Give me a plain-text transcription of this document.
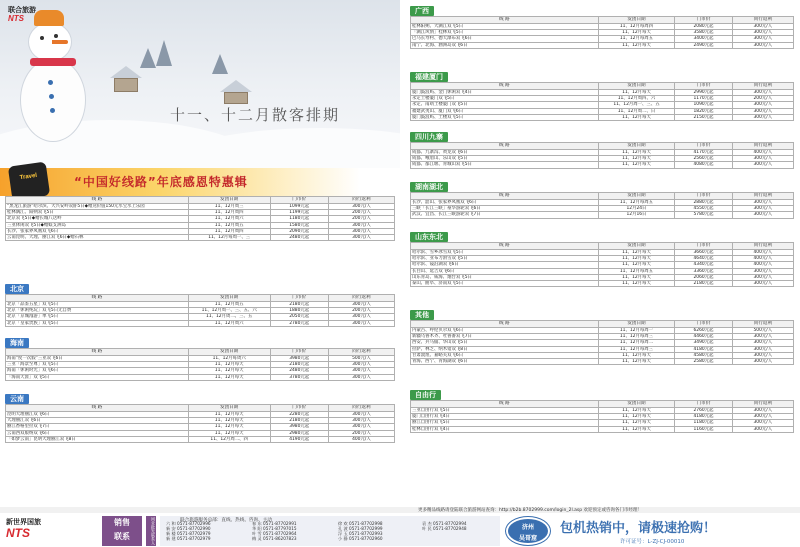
联合旅游
NTS
十一、十二月散客排期
Travel	“中国好线路”年底感恩特惠辑
线 路	发团日期	门市价	同行返利
“黑龙江旅游”哈尔滨、大兴安岭双卧5日◆赠送价值150元水宝水上乐园	11、12月周三	1099元起	300元/人
桂林漓江、阳朔双飞5日	11、12月周四	1199元起	200元/人
北京双飞5日◆赠长城八达岭	11、12月周六	1180元起	200元/人
三亚休闲双飞5日◆赠蜈支洲岛	11、12月周五	1580元起	300元/人
长沙、张家界凤凰双飞6日	11、12月周四	2090元起	300元/人
云南昆明、大理、丽江双飞6日◆赠石林	11、12月每周一、三	2480元起	300元/人
北京
线 路	发团日期	门市价	同行返利
北京「品鉴五星」双飞5日	11、12月周五	2180元起	300元/人
北京「休闲纯玩」双飞5日无自费	11、12月周一、三、五、六	1880元起	200元/人
北京「京城漫游」单飞5日	11、12月周二、三、五	2050元起	300元/人
北京「皇家贵族」双飞5日	11、12月周六	2780元起	300元/人
海南
线 路	发团日期	门市价	同行返利
海南“度一次假”三亚双飞6日	11、12月每周六	3980元起	500元/人
三亚「海景至尊」双飞5日	11、12月每天	2180元起	300元/人
海南「休闲时光」双飞6日	11、12月每天	2480元起	300元/人
「海南天涯」双飞5日	11、12月每天	3780元起	300元/人
云南
线 路	发团日期	门市价	同行返利
昆明大理丽江双飞6日	11、12月每天	2280元起	300元/人
大理丽江双飞6日	11、12月每天	2180元起	300元/人
丽江香格里拉双飞7日	11、12月每天	3980元起	300元/人
云南西双版纳双飞6日	11、12月每天	2980元起	200元/人
「如梦云南」昆明大理丽江双飞8日	11、12月周二、四	4190元起	400元/人
广西
线 路	发团日期	门市价	同行返利
桂林阳朔、大漓江双飞5日	11、12月每周四	2080元起	300元/人
「漓江风情」桂林双飞5日	11、12月每天	3580元起	300元/人
巴马长寿村、德天瀑布双飞6日	11、12月每周五	3400元起	300元/人
南宁、北海、涠洲岛双飞6日	11、12月每天	2490元起	300元/人
福建厦门
线 路	发团日期	门市价	同行返利
厦门鼓浪屿、金门休闲双飞4日	11、12月每天	2990元起	300元/人
永定土楼厦门双飞5日	11、12月周四、六	1170元起	200元/人
永定、南靖土楼厦门双飞5日	11、12月周一、三、五	1090元起	300元/人
福建武夷山、厦门双飞6日	11、12月周二、日	1820元起	300元/人
厦门鼓浪屿、土楼双飞5日	11、12月每天	2150元起	300元/人
四川九寨
线 路	发团日期	门市价	同行返利
成都、九寨沟、黄龙双飞6日	11、12月每天	4170元起	400元/人
成都、峨眉山、乐山双飞5日	11、12月每天	2560元起	300元/人
成都、都江堰、青城山双飞5日	11、12月每天	4080元起	300元/人
湖南湖北
线 路	发团日期	门市价	同行返利
长沙、韶山、张家界凤凰双飞6日	11、12月每周五	2880元起	300元/人
三峡「长江三峡」豪华游轮双飞6日	12月24日	4550元起	300元/人
武汉、宜昌、长江三峡游轮双飞7日	12月16日	5780元起	300元/人
山东东北
线 路	发团日期	门市价	同行返利
哈尔滨、雪乡冰雪双飞5日	11、12月每天	3660元起	400元/人
哈尔滨、亚布力滑雪双飞5日	11、12月每天	4640元起	400元/人
哈尔滨、镜泊湖双飞6日	11、12月每天	4340元起	400元/人
长白山、延吉双飞6日	11、12月每周五	3360元起	300元/人
山东青岛、威海、烟台双飞5日	11、12月每天	2060元起	300元/人
泰山、曲阜、济南双飞5日	11、12月每天	2180元起	300元/人
其他
线 路	发团日期	门市价	同行返利
内蒙古、呼伦贝尔双飞6日	11、12月每周一	6260元起	500元/人
新疆乌鲁木齐、吐鲁番双飞7日	11、12月每周三	4460元起	300元/人
西安、兵马俑、华山双飞5日	11、12月每周二	3490元起	300元/人
拉萨、林芝、纳木错双飞8日	11、12月每周三	4180元起	300元/人
甘肃敦煌、嘉峪关双飞6日	11、12月每天	4580元起	300元/人
青海、西宁、青海湖双飞6日	11、12月每天	2580元起	300元/人
自由行
线 路	发团日期	门市价	同行返利
三亚自由行双飞5日	11、12月每天	2760元起	300元/人
厦门自由行双飞4日	11、12月每天	4180元起	300元/人
丽江自由行双飞5日	11、12月每天	1180元起	300元/人
桂林自由行双飞4日	11、12月每天	1160元起	300元/人
更多精品线路请登陆联合旅游网站查询：http://b2b.8702999.com/login_2l.asp 欢迎预定或咨询各门市经理！
新世界国旅
NTS
销售
联系	同业批发联系人	联合旅游服务总部：直线、热线、咨询、主动
六 和 0571-87702996
新 安 0571-87702990
新 楼 0571-87702979
新 建 0571-87702979
春 东 0571-87702991
华 阳 0571-87797015
叶 雪 0571-87702964
梅 灵 0571-86207823
徐 欢 0571-87702998
孔 波 0571-87702999
浮 玉 0571-87702993
小 静 0571-87702960
袁 杰 0571-87702994
叶 民 0571-87702948	济州
吴哥窟
包机热销中，请极速抢购！
许可证号：L-ZJ-CJ-00010
